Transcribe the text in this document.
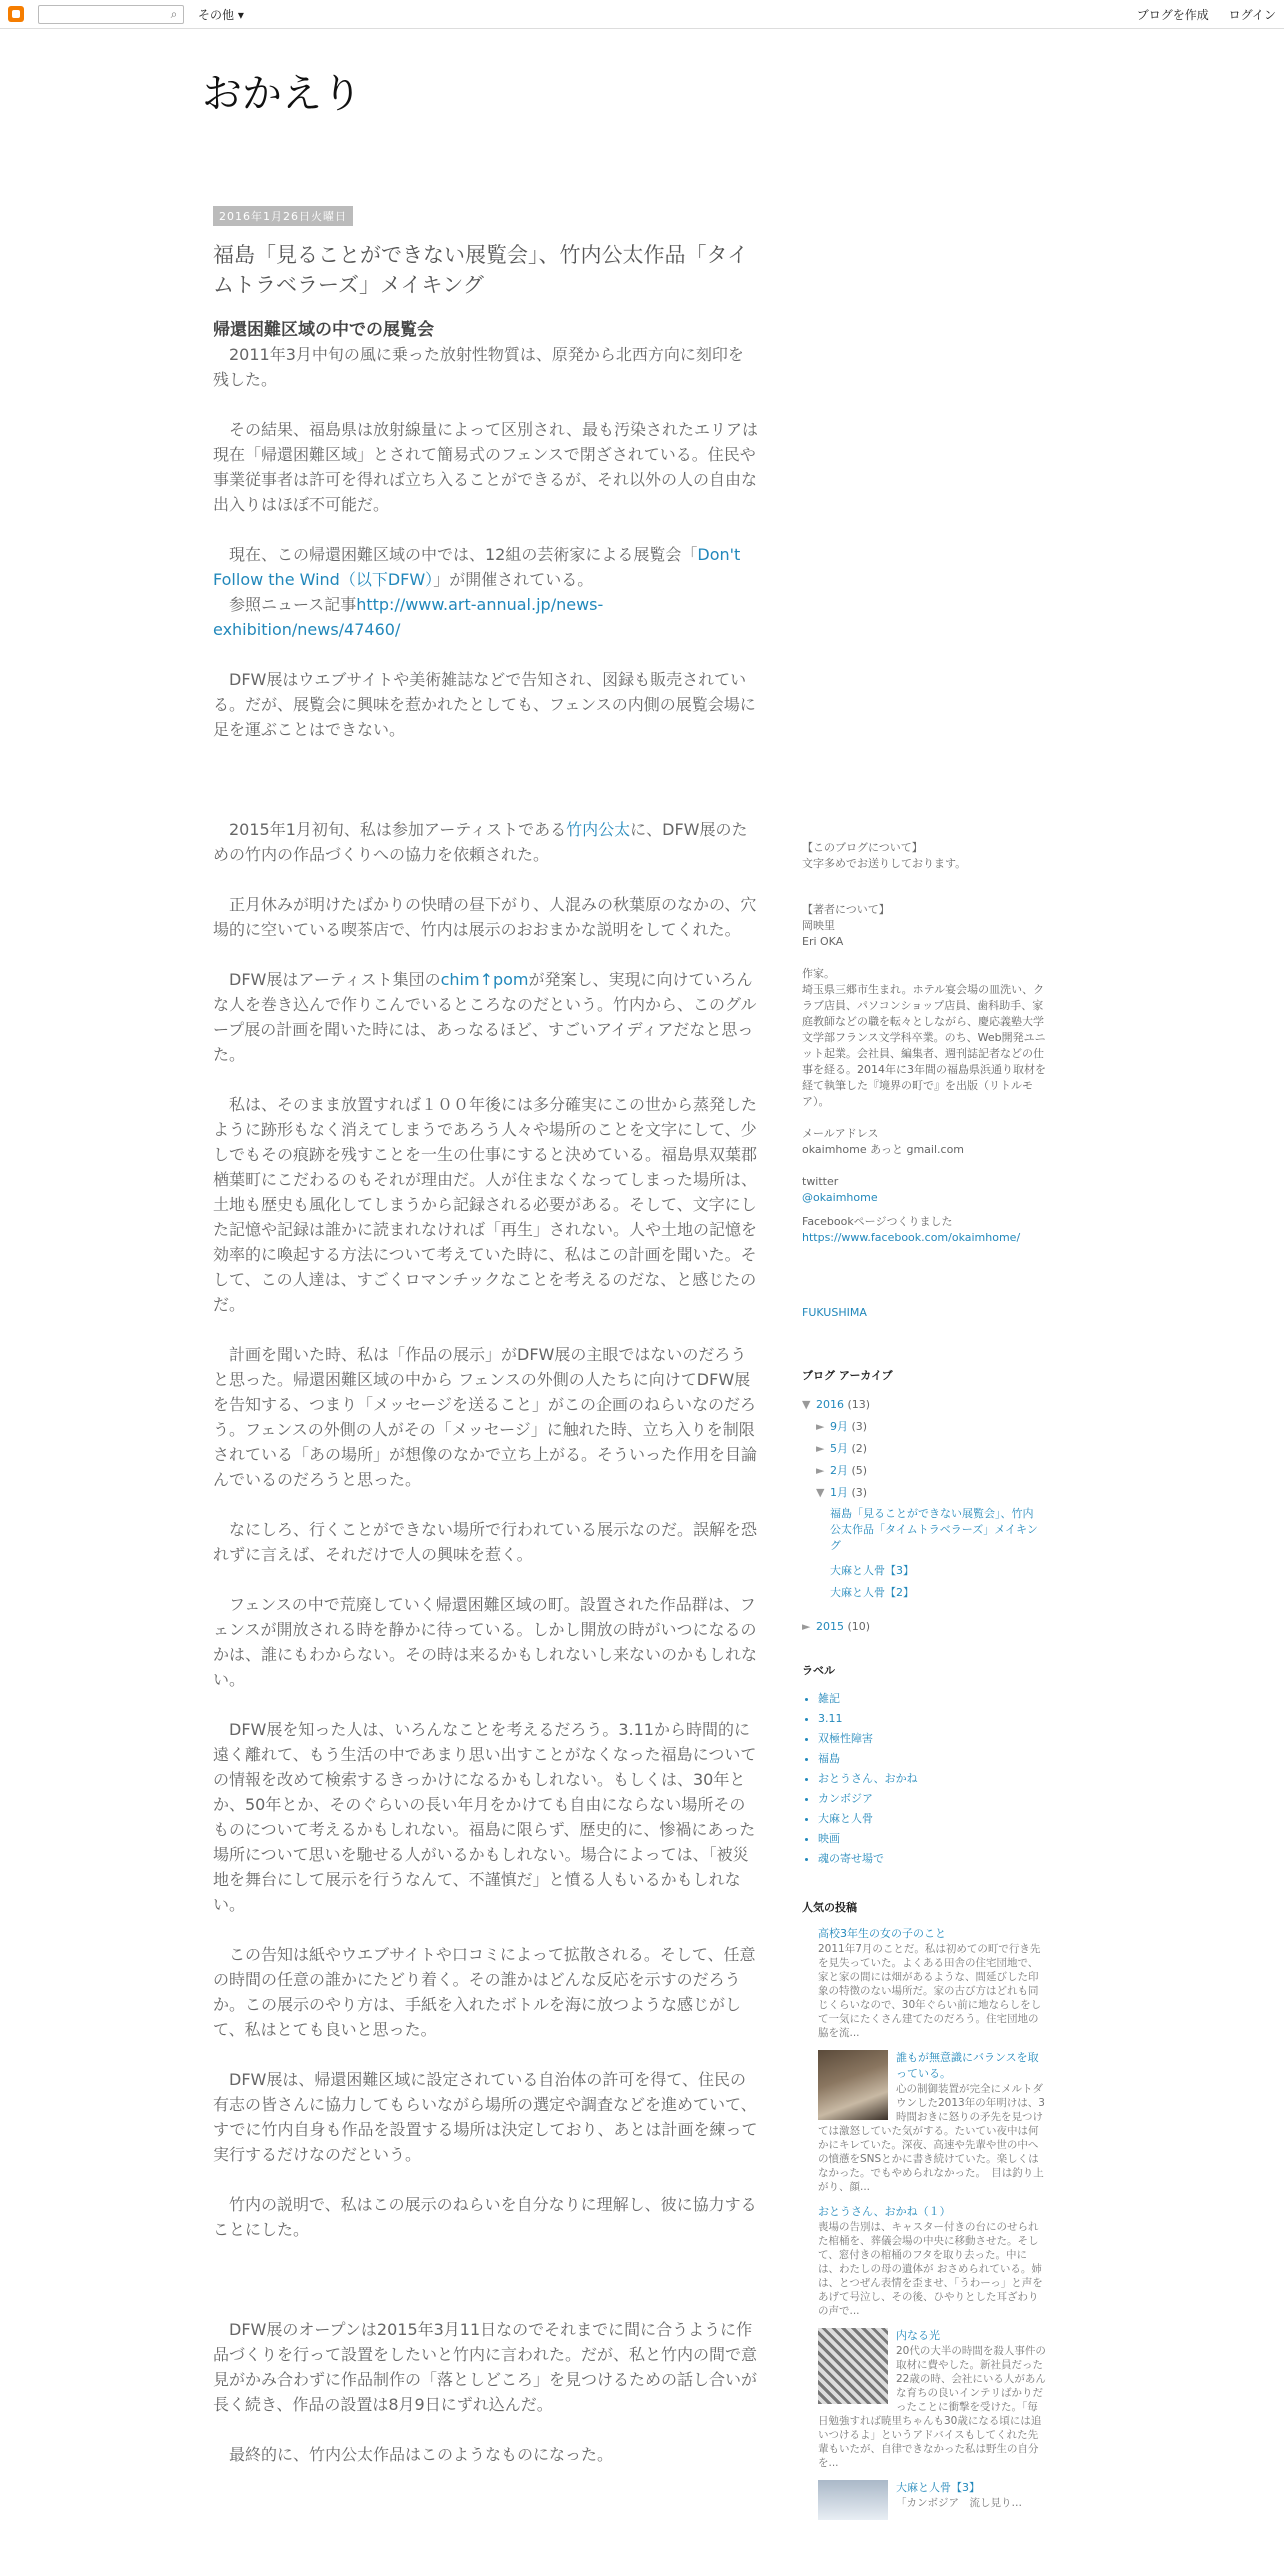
⌕	その他 ▾	ブログを作成 ログイン
おかえり
2016年1月26日火曜日
福島「見ることができない展覧会」、竹内公太作品「タイムトラベラーズ」メイキング
帰還困難区域の中での展覧会

　2011年3月中旬の風に乗った放射性物質は、原発から北西方向に刻印を残した。

　その結果、福島県は放射線量によって区別され、最も汚染されたエリアは現在「帰還困難区域」とされて簡易式のフェンスで閉ざされている。住民や事業従事者は許可を得れば立ち入ることができるが、それ以外の人の自由な出入りはほぼ不可能だ。

　現在、この帰還困難区域の中では、12組の芸術家による展覧会「Don't Follow the Wind（以下DFW）」が開催されている。

　参照ニュース記事http://www.art-annual.jp/news-exhibition/news/47460/

　DFW展はウエブサイトや美術雑誌などで告知され、図録も販売されている。だが、展覧会に興味を惹かれたとしても、フェンスの内側の展覧会場に足を運ぶことはできない。

　2015年1月初旬、私は参加アーティストである竹内公太に、DFW展のための竹内の作品づくりへの協力を依頼された。

　正月休みが明けたばかりの快晴の昼下がり、人混みの秋葉原のなかの、穴場的に空いている喫茶店で、竹内は展示のおおまかな説明をしてくれた。

　DFW展はアーティスト集団のchim↑pomが発案し、実現に向けていろんな人を巻き込んで作りこんでいるところなのだという。竹内から、このグループ展の計画を聞いた時には、あっなるほど、すごいアイディアだなと思った。

　私は、そのまま放置すれば１００年後には多分確実にこの世から蒸発したように跡形もなく消えてしまうであろう人々や場所のことを文字にして、少しでもその痕跡を残すことを一生の仕事にすると決めている。福島県双葉郡楢葉町にこだわるのもそれが理由だ。人が住まなくなってしまった場所は、土地も歴史も風化してしまうから記録される必要がある。そして、文字にした記憶や記録は誰かに読まれなければ「再生」されない。人や土地の記憶を効率的に喚起する方法について考えていた時に、私はこの計画を聞いた。そして、この人達は、すごくロマンチックなことを考えるのだな、と感じたのだ。

　計画を聞いた時、私は「作品の展示」がDFW展の主眼ではないのだろうと思った。帰還困難区域の中から フェンスの外側の人たちに向けてDFW展を告知する、つまり「メッセージを送ること」がこの企画のねらいなのだろう。フェンスの外側の人がその「メッセージ」に触れた時、立ち入りを制限されている「あの場所」が想像のなかで立ち上がる。そういった作用を目論んでいるのだろうと思った。

　なにしろ、行くことができない場所で行われている展示なのだ。誤解を恐れずに言えば、それだけで人の興味を惹く。

　フェンスの中で荒廃していく帰還困難区域の町。設置された作品群は、フェンスが開放される時を静かに待っている。しかし開放の時がいつになるのかは、誰にもわからない。その時は来るかもしれないし来ないのかもしれない。

　DFW展を知った人は、いろんなことを考えるだろう。3.11から時間的に遠く離れて、もう生活の中であまり思い出すことがなくなった福島についての情報を改めて検索するきっかけになるかもしれない。もしくは、30年とか、50年とか、そのぐらいの長い年月をかけても自由にならない場所そのものについて考えるかもしれない。福島に限らず、歴史的に、惨禍にあった場所について思いを馳せる人がいるかもしれない。場合によっては、「被災地を舞台にして展示を行うなんて、不謹慎だ」と憤る人もいるかもしれない。

　この告知は紙やウエブサイトや口コミによって拡散される。そして、任意の時間の任意の誰かにたどり着く。その誰かはどんな反応を示すのだろうか。この展示のやり方は、手紙を入れたボトルを海に放つような感じがして、私はとても良いと思った。

　DFW展は、帰還困難区域に設定されている自治体の許可を得て、住民の有志の皆さんに協力してもらいながら場所の選定や調査などを進めていて、すでに竹内自身も作品を設置する場所は決定しており、あとは計画を練って実行するだけなのだという。

　竹内の説明で、私はこの展示のねらいを自分なりに理解し、彼に協力することにした。

　DFW展のオープンは2015年3月11日なのでそれまでに間に合うように作品づくりを行って設置をしたいと竹内に言われた。だが、私と竹内の間で意見がかみ合わずに作品制作の「落としどころ」を見つけるための話し合いが長く続き、作品の設置は8月9日にずれ込んだ。

　最終的に、竹内公太作品はこのようなものになった。

【このブログについて】
文字多めでお送りしております。
【著者について】
岡映里
Eri OKA
作家。
埼玉県三郷市生まれ。ホテル宴会場の皿洗い、クラブ店員、パソコンショップ店員、歯科助手、家庭教師などの職を転々としながら、慶応義塾大学文学部フランス文学科卒業。のち、Web開発ユニット起業。会社員、編集者、週刊誌記者などの仕事を経る。2014年に3年間の福島県浜通り取材を経て執筆した『境界の町で』を出版（リトルモア）。
メールアドレス
okaimhome あっと gmail.com
twitter
@okaimhome
Facebookページつくりました
https://www.facebook.com/okaimhome/
FUKUSHIMA
ブログ アーカイブ
▼ 2016 (13)
► 9月 (3)
► 5月 (2)
► 2月 (5)
▼ 1月 (3)
福島「見ることができない展覧会」、竹内公太作品「タイムトラベラーズ」メイキング
大麻と人骨【3】
大麻と人骨【2】
► 2015 (10)
ラベル
• 雑記
• 3.11
• 双極性障害
• 福島
• おとうさん、おかね
• カンボジア
• 大麻と人骨
• 映画
• 魂の寄せ場で
人気の投稿
高校3年生の女の子のこと
2011年7月のことだ。私は初めての町で行き先を見失っていた。よくある田舎の住宅団地で、家と家の間には畑があるような、間延びした印象の特徴のない場所だ。家の古び方はどれも同じくらいなので、30年ぐらい前に地ならしをして一気にたくさん建てたのだろう。住宅団地の脇を流...
誰もが無意識にバランスを取っている。
心の制御装置が完全にメルトダウンした2013年の年明けは、3時間おきに怒りの矛先を見つけては激怒していた気がする。たいてい夜中は何かにキレていた。深夜、高速や先輩や世の中への憤懣をSNSとかに書き続けていた。楽しくはなかった。でもやめられなかった。　目は釣り上がり、顔...
おとうさん、おかね（１）
喪場の告別は、キャスター付きの台にのせられた棺桶を、葬儀会場の中央に移動させた。そして、窓付きの棺桶のフタを取り去った。中には、わたしの母の遺体が おさめられている。姉は、とつぜん表情を歪ませ、「うわーっ」と声をあげて号泣し、その後、ひやりとした耳ざわりの声で...
内なる光
20代の大半の時間を殺人事件の取材に費やした。新社員だった22歳の時、会社にいる人があんな育ちの良いインテリばかりだったことに衝撃を受けた。「毎日勉強すれば暁里ちゃんも30歳になる頃には追いつけるよ」というアドバイスもしてくれた先輩もいたが、自律できなかった私は野生の自分を...
大麻と人骨【3】
「カンボジア　流し見り…
